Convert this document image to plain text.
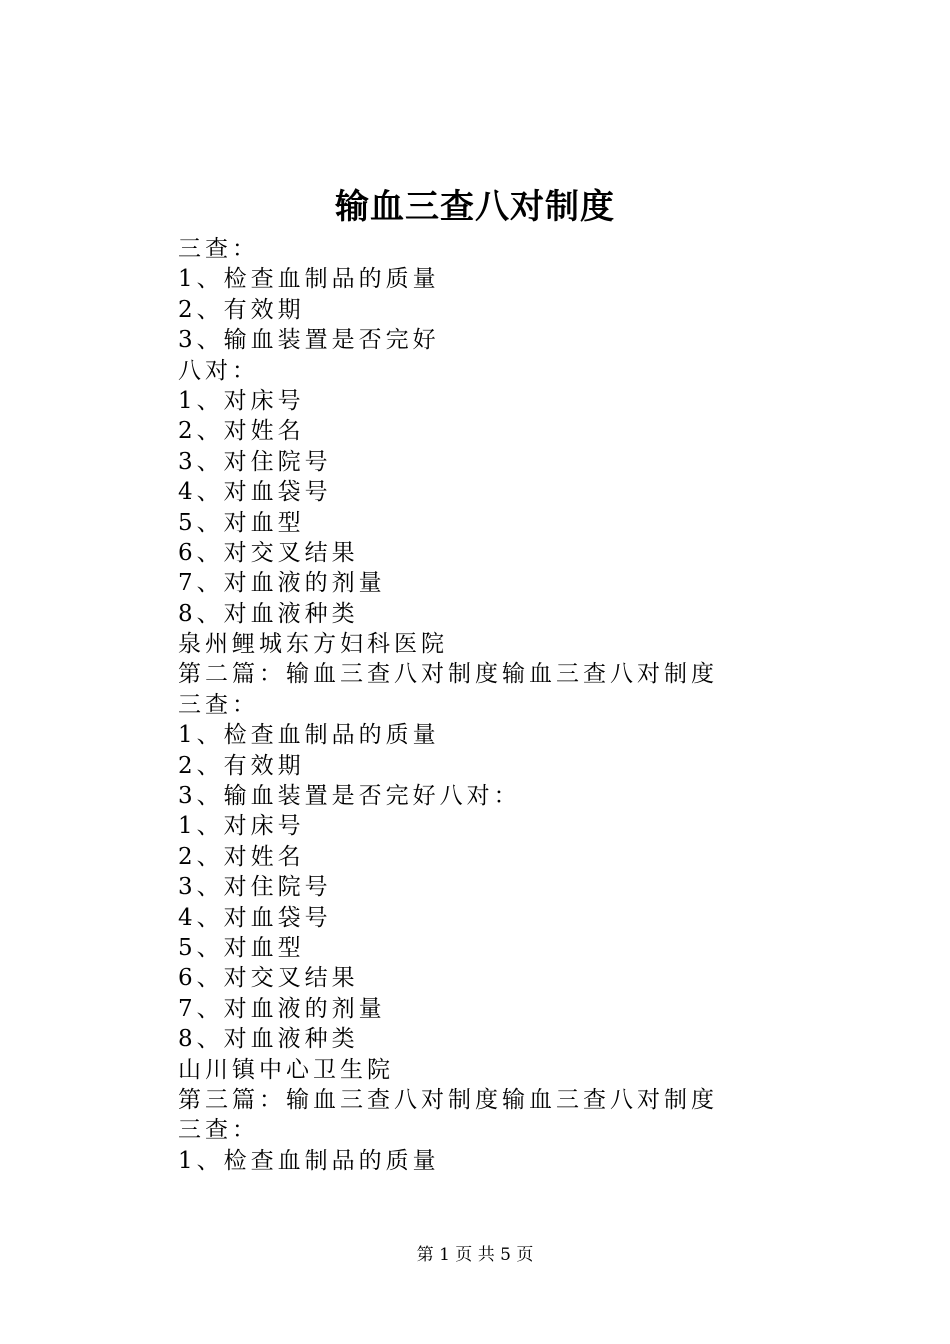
输血三查八对制度
三查：
1、检查血制品的质量
2、有效期
3、输血装置是否完好
八对：
1、对床号
2、对姓名
3、对住院号
4、对血袋号
5、对血型
6、对交叉结果
7、对血液的剂量
8、对血液种类
泉州鲤城东方妇科医院
第二篇：输血三查八对制度输血三查八对制度
三查：
1、检查血制品的质量
2、有效期
3、输血装置是否完好八对：
1、对床号
2、对姓名
3、对住院号
4、对血袋号
5、对血型
6、对交叉结果
7、对血液的剂量
8、对血液种类
山川镇中心卫生院
第三篇：输血三查八对制度输血三查八对制度
三查：
1、检查血制品的质量
第 1 页 共 5 页
